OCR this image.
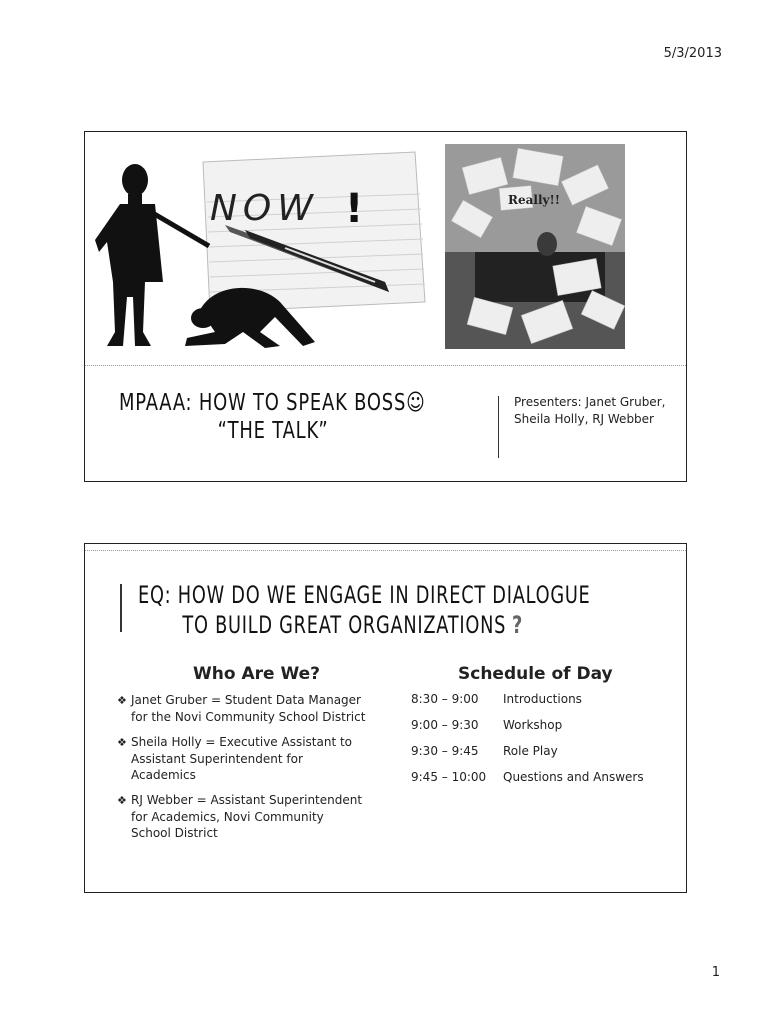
5/3/2013
NOW !	Really!!
MPAAA: HOW TO SPEAK BOSS☺
“THE TALK”
Presenters: Janet Gruber, Sheila Holly, RJ Webber
EQ: HOW DO WE ENGAGE IN DIRECT DIALOGUE
TO BUILD GREAT ORGANIZATIONS ?
Who Are We?	Schedule of Day
❖ Janet Gruber = Student Data Manager for the Novi Community School District
❖ Sheila Holly = Executive Assistant to Assistant Superintendent for Academics
❖ RJ Webber = Assistant Superintendent for Academics, Novi Community School District
8:30 – 9:00	Introductions
9:00 – 9:30	Workshop
9:30 – 9:45	Role Play
9:45 – 10:00	Questions and Answers
1
